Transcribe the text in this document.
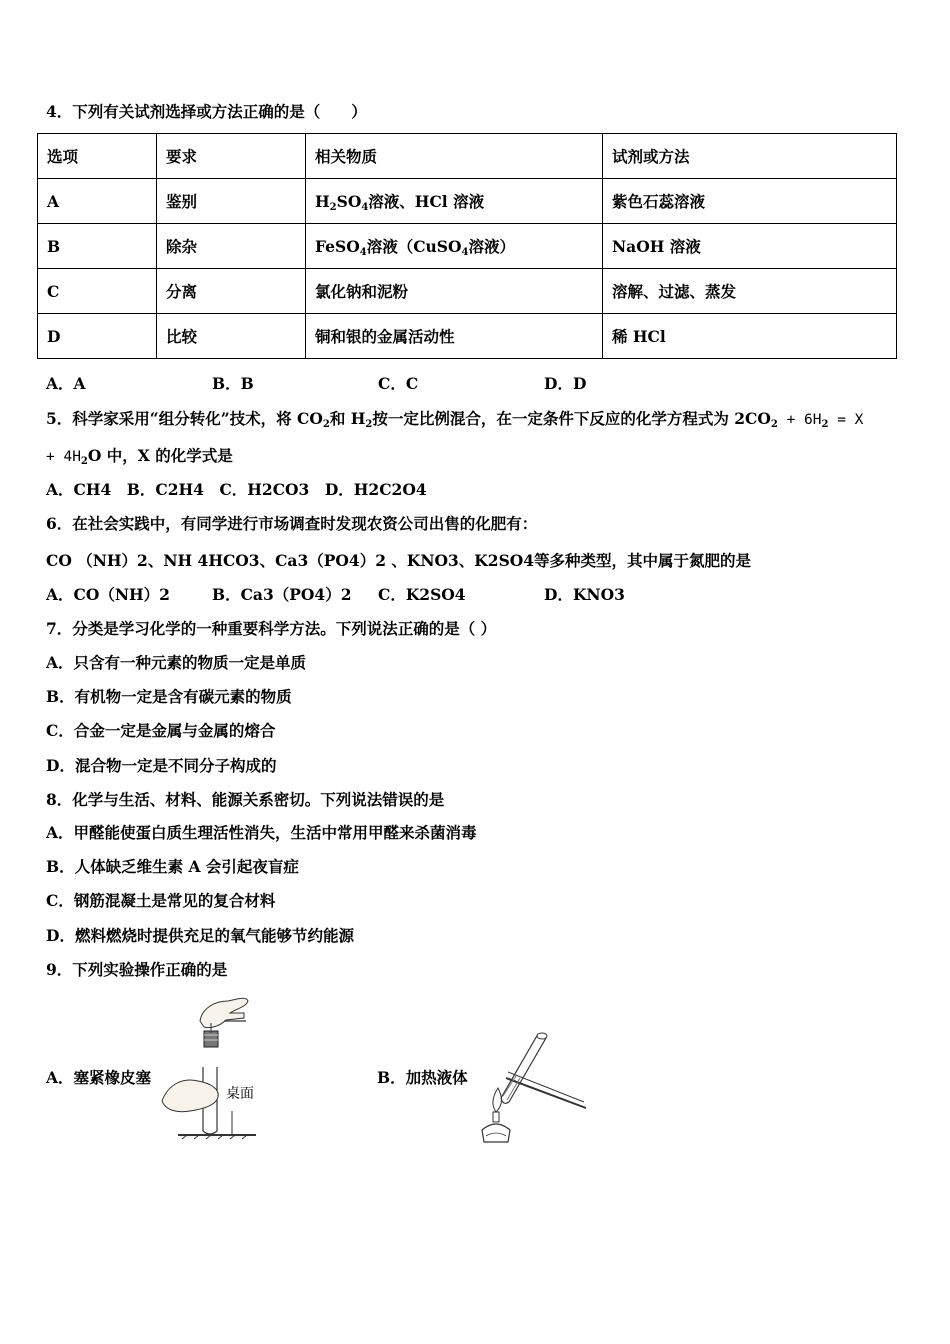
4．下列有关试剂选择或方法正确的是（　　）
选项	要求	相关物质	试剂或方法
A	鉴别	$H_2SO_4$溶液、HCl 溶液	紫色石蕊溶液
B	除杂	FeSO$_4$溶液（CuSO$_4$溶液）	NaOH 溶液
C	分离	氯化钠和泥粉	溶解、过滤、蒸发
D	比较	铜和银的金属活动性	稀 HCl
A．A	B．B	C．C	D．D
5．科学家采用“组分转化”技术，将 $CO_2$和 $H_2$按一定比例混合，在一定条件下反应的化学方程式为 $2CO_2 + 6H_2 = X$
+ $4H_2O$ 中，X 的化学式是
A．CH4　B．C2H4　C．H2CO3　D．H2C2O4
6．在社会实践中，有同学进行市场调查时发现农资公司出售的化肥有：
CO （NH）2、NH 4HCO3、Ca3（PO4）2 、KNO3、K2SO4等多种类型，其中属于氮肥的是
A．CO（NH）2	B．Ca3（PO4）2 C．K2SO4	D．KNO3
7．分类是学习化学的一种重要科学方法。下列说法正确的是（ ）
A．只含有一种元素的物质一定是单质
B．有机物一定是含有碳元素的物质
C．合金一定是金属与金属的熔合
D．混合物一定是不同分子构成的
8．化学与生活、材料、能源关系密切。下列说法错误的是
A．甲醛能使蛋白质生理活性消失，生活中常用甲醛来杀菌消毒
B．人体缺乏维生素 A 会引起夜盲症
C．钢筋混凝土是常见的复合材料
D．燃料燃烧时提供充足的氧气能够节约能源
9．下列实验操作正确的是
A．塞紧橡皮塞	B．加热液体
桌面
